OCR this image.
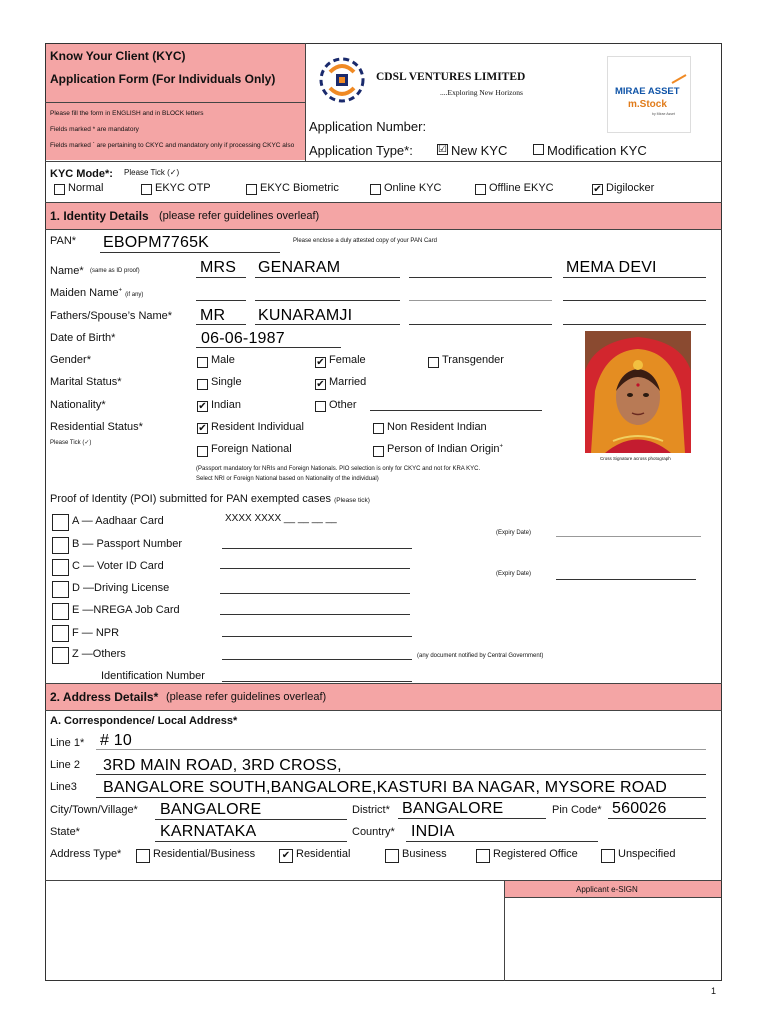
Know Your Client (KYC)
Application Form (For Individuals Only)
Please fill the form in ENGLISH and in BLOCK letters
Fields marked * are mandatory
Fields marked ` are pertaining to CKYC and mandatory only if processing CKYC also
CDSL VENTURES LIMITED
....Exploring New Horizons	MIRAE ASSET
m.Stock
by Mirae Asset
Application Number:
Application Type*:	☑ New KYC	Modification KYC
KYC Mode*: Please Tick (✓)
Normal	EKYC OTP	EKYC Biometric	Online KYC	Offline EKYC	✔ Digilocker
1. Identity Details (please refer guidelines overleaf)
PAN* EBOPM7765K	Please enclose a duly attested copy of your PAN Card
Name* (same as ID proof)	MRS GENARAM	MEMA DEVI
Maiden Name+ (if any)
Fathers/Spouse’s Name* MR KUNARAMJI
Date of Birth*	06-06-1987
Gender*	Male	✔ Female	Transgender
Marital Status*	Single	✔ Married
Nationality*	✔ Indian	Other
Residential Status*
Please Tick (✓)
✔ Resident Individual	Non Resident Indian
Foreign National	Person of Indian Origin+
(Passport mandatory for NRIs and Foreign Nationals. PIO selection is only for CKYC and not for KRA KYC.
Select NRI or Foreign National based on Nationality of the individual)
Cross Signature across photograph
Proof of Identity (POI) submitted for PAN exempted cases (Please tick)
A — Aadhaar Card	XXXX XXXX __ __ __ __
(Expiry Date)
B — Passport Number
C — Voter ID Card
(Expiry Date)
D —Driving License
E —NREGA Job Card
F — NPR
Z —Others	(any document notified by Central Government)
Identification Number
2. Address Details* (please refer guidelines overleaf)
A. Correspondence/ Local Address*
Line 1* # 10
Line 2 3RD MAIN ROAD, 3RD CROSS,
Line3 BANGALORE SOUTH,BANGALORE,KASTURI BA NAGAR, MYSORE ROAD
City/Town/Village* BANGALORE	District* BANGALORE	Pin Code* 560026
State*	KARNATAKA	Country* INDIA
Address Type*	Residential/Business	✔ Residential	Business	Registered Office	Unspecified
Applicant e-SIGN
1
